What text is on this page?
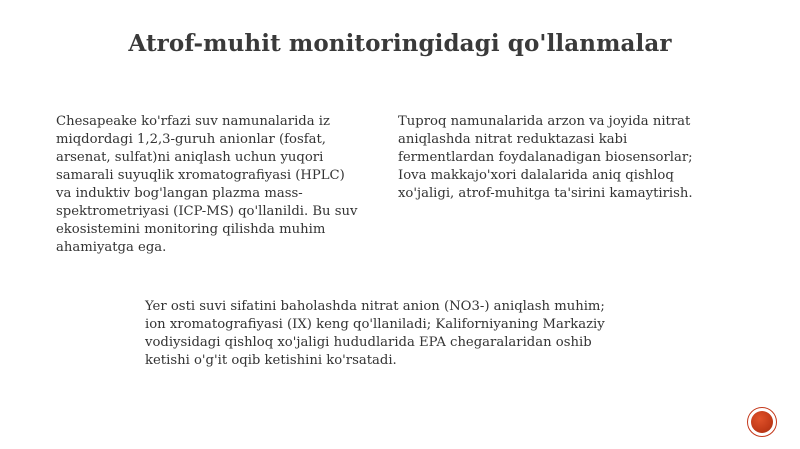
Atrof-muhit monitoringidagi qo'llanmalar

Chesapeake ko'rfazi suv namunalarida iz
miqdordagi 1,2,3-guruh anionlar (fosfat,
arsenat, sulfat)ni aniqlash uchun yuqori
samarali suyuqlik xromatografiyasi (HPLC)
va induktiv bog'langan plazma mass-
spektrometriyasi (ICP-MS) qo'llanildi. Bu suv
ekosistemini monitoring qilishda muhim
ahamiyatga ega.

Tuproq namunalarida arzon va joyida nitrat
aniqlashda nitrat reduktazasi kabi
fermentlardan foydalanadigan biosensorlar;
Iova makkajo'xori dalalarida aniq qishloq
xo'jaligi, atrof-muhitga ta'sirini kamaytirish.

Yer osti suvi sifatini baholashda nitrat anion (NO3-) aniqlash muhim;
ion xromatografiyasi (IX) keng qo'llaniladi; Kaliforniyaning Markaziy
vodiysidagi qishloq xo'jaligi hududlarida EPA chegaralaridan oshib
ketishi o'g'it oqib ketishini ko'rsatadi.
